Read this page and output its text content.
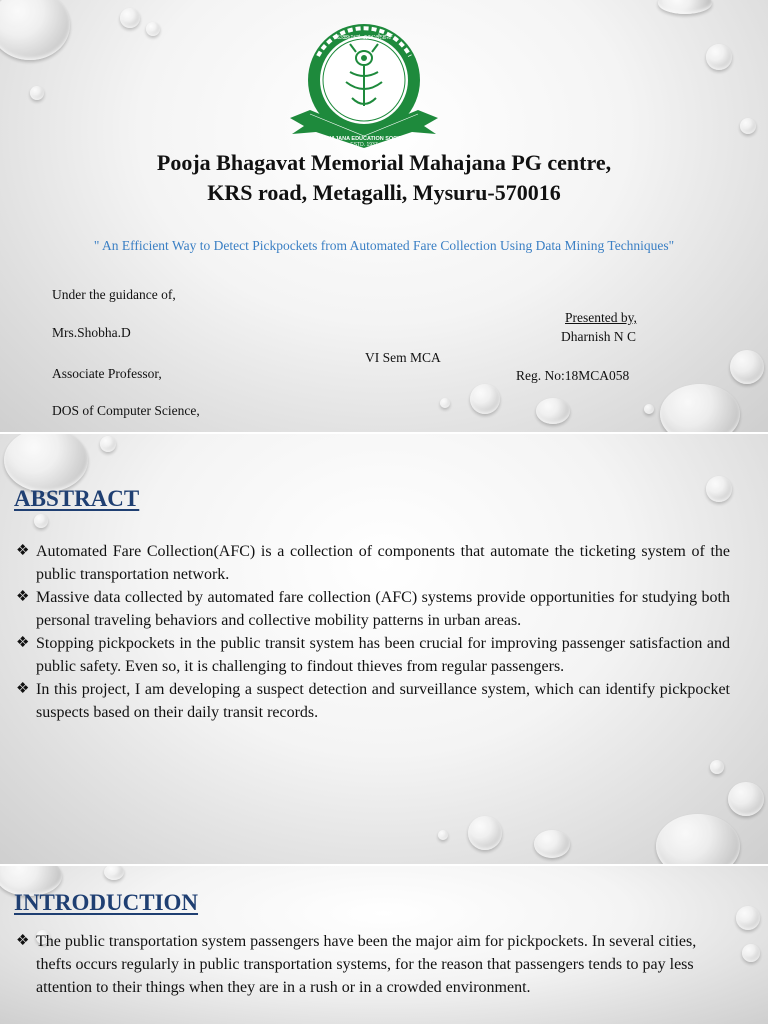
MAHAJANA EDUCATION SOCIETY
ESTD. 1937
ಮಹಾಜನ ಎಜುಕೇಶನ್
Pooja Bhagavat Memorial Mahajana PG centre,
KRS road, Metagalli, Mysuru-570016
" An Efficient Way to Detect Pickpockets from Automated Fare Collection Using Data Mining Techniques"
Under the guidance of,
Mrs.Shobha.D
Associate Professor,
DOS of Computer Science,
VI Sem MCA
Presented by,
Dharnish N C
Reg. No:18MCA058
ABSTRACT
❖ Automated Fare Collection(AFC) is a collection of components that automate the ticketing system of the public transportation network.
❖ Massive data collected by automated fare collection (AFC) systems provide opportunities for studying both personal traveling behaviors and collective mobility patterns in urban areas.
❖ Stopping pickpockets in the public transit system has been crucial for improving passenger satisfaction and public safety. Even so, it is challenging to findout thieves from regular passengers.
❖ In this project, I am developing a suspect detection and surveillance system, which can identify pickpocket suspects based on their daily transit records.
INTRODUCTION
❖ The public transportation system passengers have been the major aim for pickpockets. In several cities, thefts occurs regularly in public transportation systems, for the reason that passengers tends to pay less attention to their things when they are in a rush or in a crowded environment.
